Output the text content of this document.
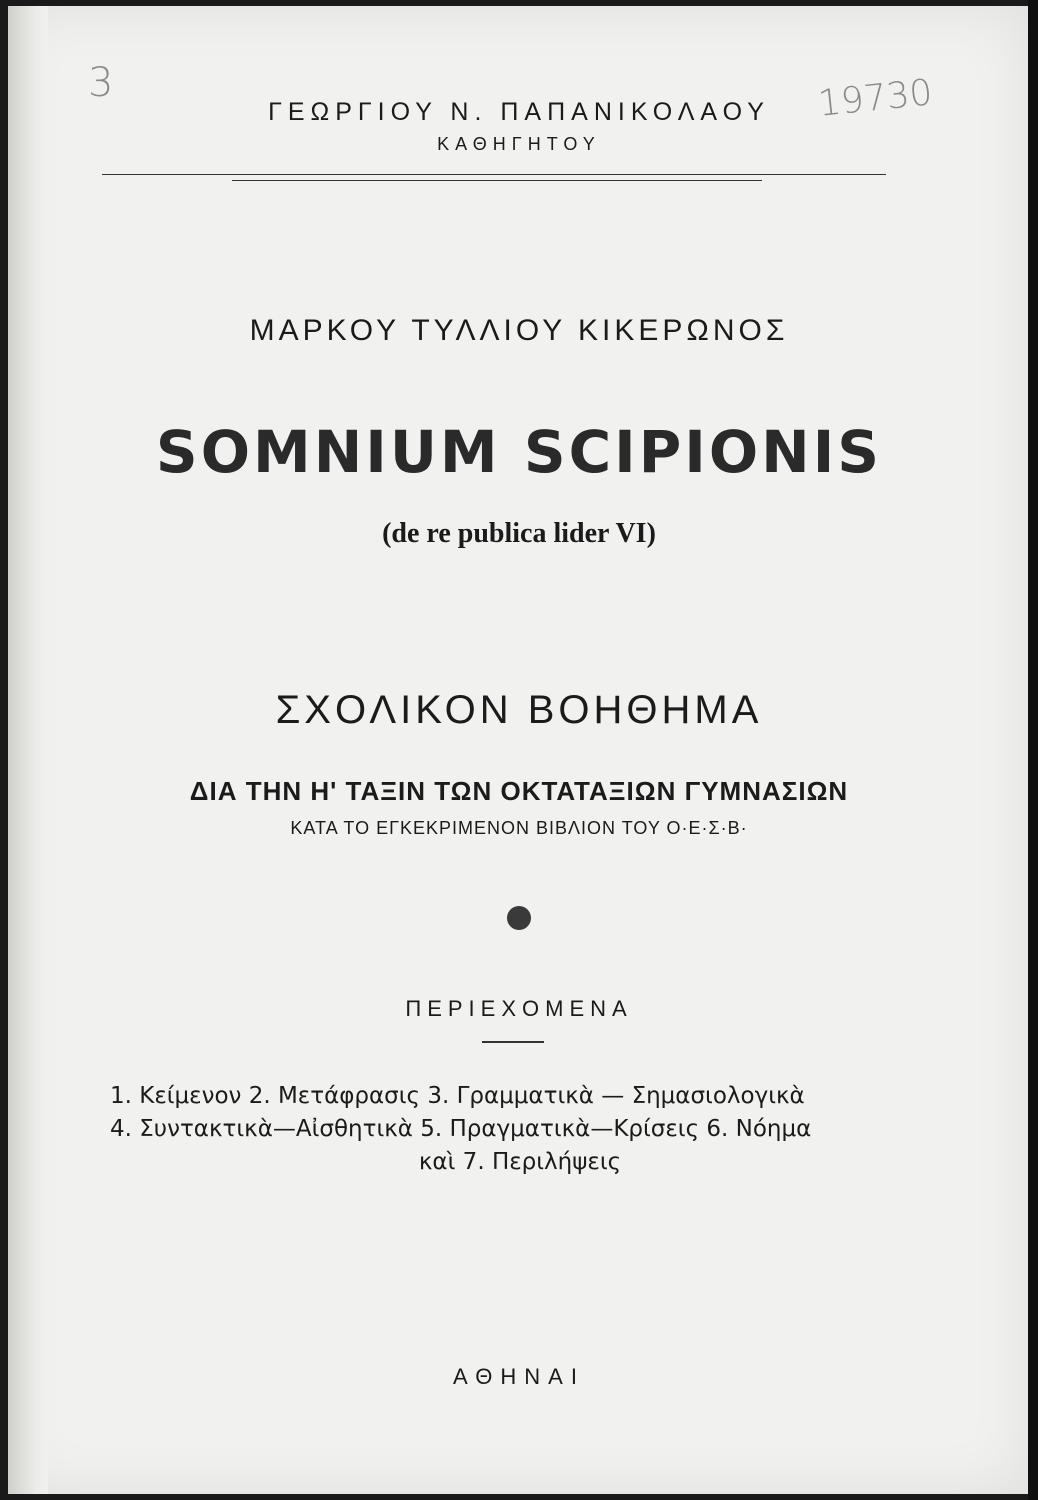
3	19730
ΓΕΩΡΓΙΟΥ Ν. ΠΑΠΑΝΙΚΟΛΑΟΥ
ΚΑΘΗΓΗΤΟΥ
ΜΑΡΚΟΥ ΤΥΛΛΙΟΥ ΚΙΚΕΡΩΝΟΣ
SOMNIUM SCIPIONIS
(de re publica lider VI)
ΣΧΟΛΙΚΟΝ ΒΟΗΘΗΜΑ
ΔΙΑ ΤΗΝ Η' ΤΑΞΙΝ ΤΩΝ ΟΚΤΑΤΑΞΙΩΝ ΓΥΜΝΑΣΙΩΝ
ΚΑΤΑ ΤΟ ΕΓΚΕΚΡΙΜΕΝΟΝ ΒΙΒΛΙΟΝ ΤΟΥ Ο·Ε·Σ·Β·
ΠΕΡΙΕΧΟΜΕΝΑ
1. Κείμενον 2. Μετάφρασις 3. Γραμματικὰ — Σημασιολογικὰ
4. Συντακτικὰ—Αἰσθητικὰ 5. Πραγματικὰ—Κρίσεις 6. Νόημα
καὶ 7. Περιλήψεις
ΑΘΗΝΑΙ
